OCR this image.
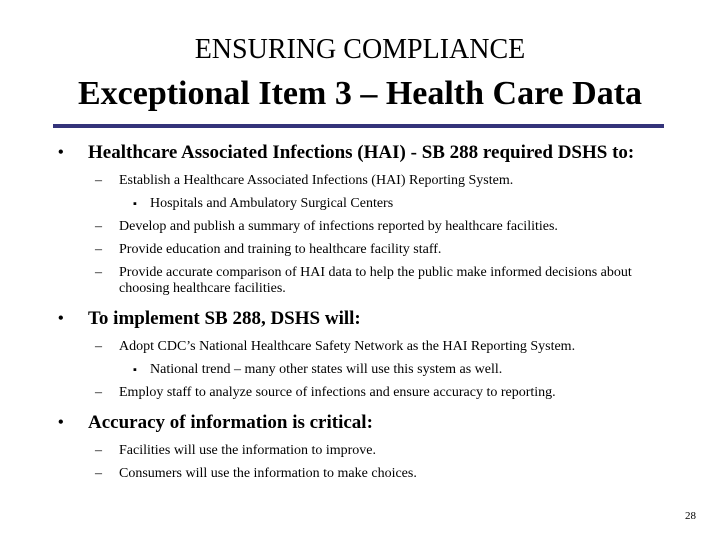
ENSURING COMPLIANCE
Exceptional Item 3 – Health Care Data
• Healthcare Associated Infections (HAI) - SB 288 required DSHS to:
– Establish a Healthcare Associated Infections (HAI) Reporting System.
▪ Hospitals and Ambulatory Surgical Centers
– Develop and publish a summary of infections reported by healthcare facilities.
– Provide education and training to healthcare facility staff.
– Provide accurate comparison of HAI data to help the public make informed decisions about choosing healthcare facilities.
• To implement SB 288, DSHS will:
– Adopt CDC’s National Healthcare Safety Network as the HAI Reporting System.
▪ National trend – many other states will use this system as well.
– Employ staff to analyze source of infections and ensure accuracy to reporting.
• Accuracy of information is critical:
– Facilities will use the information to improve.
– Consumers will use the information to make choices.
28
